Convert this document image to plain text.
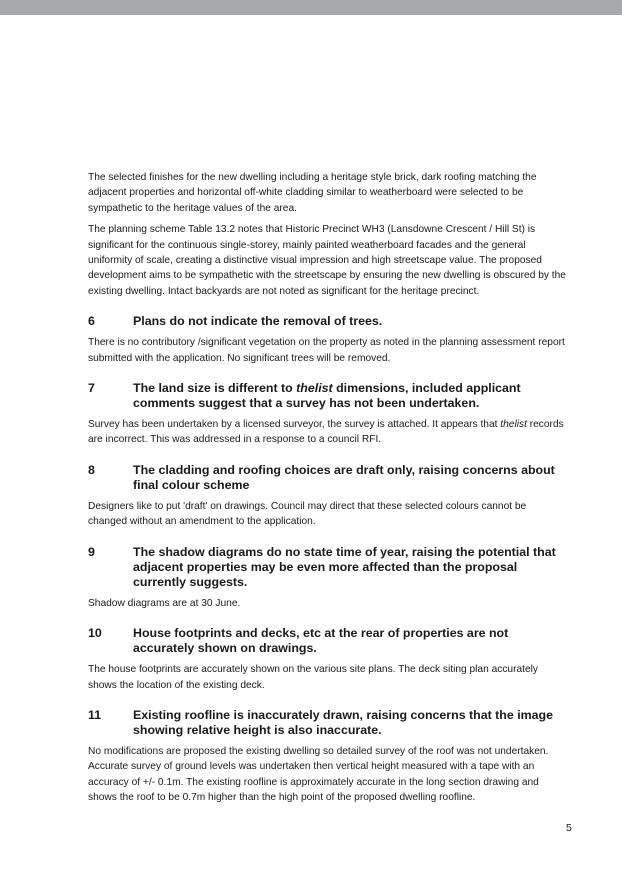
The selected finishes for the new dwelling including a heritage style brick, dark roofing matching the adjacent properties and horizontal off-white cladding similar to weatherboard were selected to be sympathetic to the heritage values of the area.

The planning scheme Table 13.2 notes that Historic Precinct WH3 (Lansdowne Crescent / Hill St) is significant for the continuous single-storey, mainly painted weatherboard facades and the general uniformity of scale, creating a distinctive visual impression and high streetscape value. The proposed development aims to be sympathetic with the streetscape by ensuring the new dwelling is obscured by the existing dwelling. Intact backyards are not noted as significant for the heritage precinct.

6	Plans do not indicate the removal of trees.

There is no contributory /significant vegetation on the property as noted in the planning assessment report submitted with the application. No significant trees will be removed.

7	The land size is different to thelist dimensions, included applicant comments suggest that a survey has not been undertaken.

Survey has been undertaken by a licensed surveyor, the survey is attached. It appears that thelist records are incorrect. This was addressed in a response to a council RFI.

8	The cladding and roofing choices are draft only, raising concerns about final colour scheme

Designers like to put 'draft' on drawings. Council may direct that these selected colours cannot be changed without an amendment to the application.

9	The shadow diagrams do no state time of year, raising the potential that adjacent properties may be even more affected than the proposal currently suggests.

Shadow diagrams are at 30 June.

10	House footprints and decks, etc at the rear of properties are not accurately shown on drawings.

The house footprints are accurately shown on the various site plans. The deck siting plan accurately shows the location of the existing deck.

11	Existing roofline is inaccurately drawn, raising concerns that the image showing relative height is also inaccurate.

No modifications are proposed the existing dwelling so detailed survey of the roof was not undertaken. Accurate survey of ground levels was undertaken then vertical height measured with a tape with an accuracy of +/- 0.1m. The existing roofline is approximately accurate in the long section drawing and shows the roof to be 0.7m higher than the high point of the proposed dwelling roofline.

5
